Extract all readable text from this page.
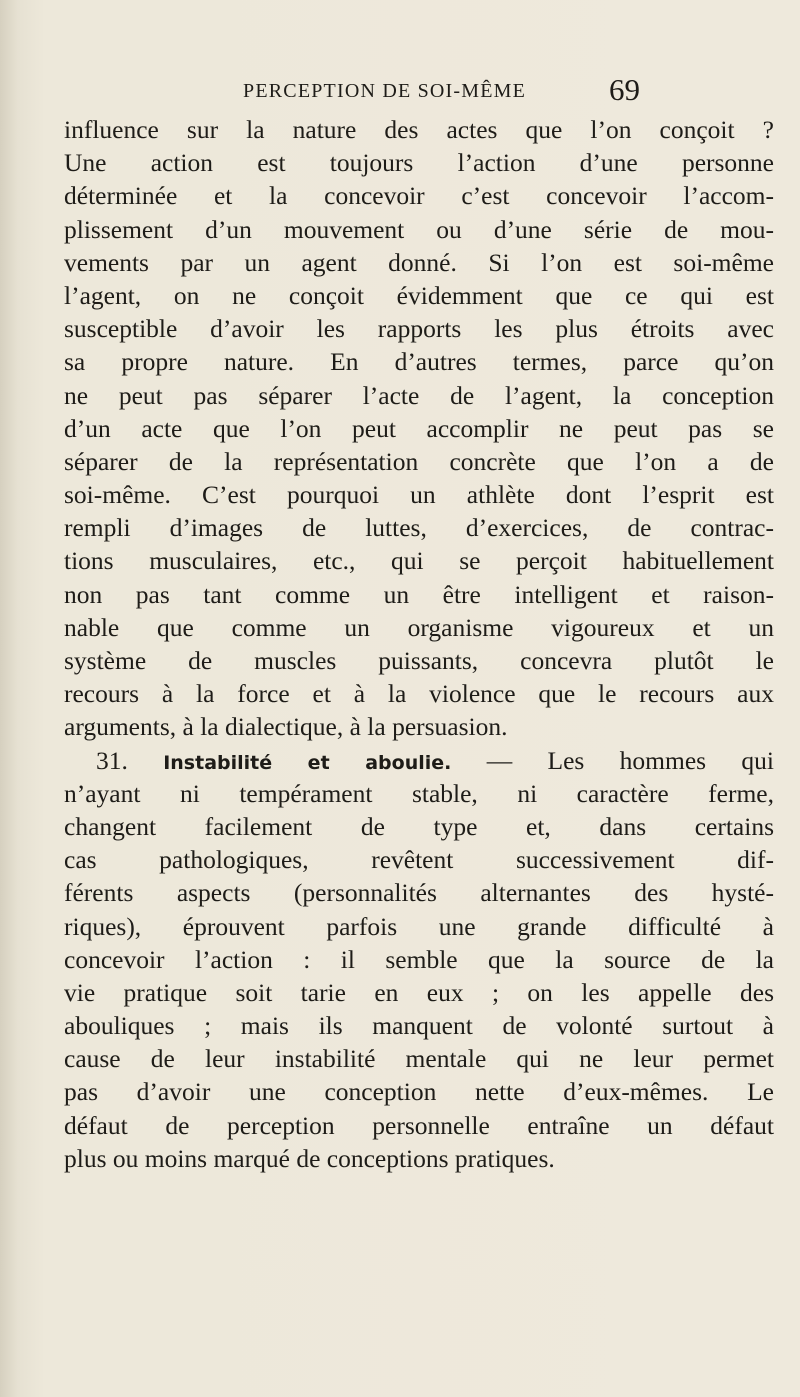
PERCEPTION DE SOI-MÊME	69
influence sur la nature des actes que l’on conçoit ?
Une action est toujours l’action d’une personne
déterminée et la concevoir c’est concevoir l’accom-
plissement d’un mouvement ou d’une série de mou-
vements par un agent donné. Si l’on est soi-même
l’agent, on ne conçoit évidemment que ce qui est
susceptible d’avoir les rapports les plus étroits avec
sa propre nature. En d’autres termes, parce qu’on
ne peut pas séparer l’acte de l’agent, la conception
d’un acte que l’on peut accomplir ne peut pas se
séparer de la représentation concrète que l’on a de
soi-même. C’est pourquoi un athlète dont l’esprit est
rempli d’images de luttes, d’exercices, de contrac-
tions musculaires, etc., qui se perçoit habituellement
non pas tant comme un être intelligent et raison-
nable que comme un organisme vigoureux et un
système de muscles puissants, concevra plutôt le
recours à la force et à la violence que le recours aux
arguments, à la dialectique, à la persuasion.
31. Instabilité et aboulie. — Les hommes qui
n’ayant ni tempérament stable, ni caractère ferme,
changent facilement de type et, dans certains
cas pathologiques, revêtent successivement dif-
férents aspects (personnalités alternantes des hysté-
riques), éprouvent parfois une grande difficulté à
concevoir l’action : il semble que la source de la
vie pratique soit tarie en eux ; on les appelle des
abouliques ; mais ils manquent de volonté surtout à
cause de leur instabilité mentale qui ne leur permet
pas d’avoir une conception nette d’eux-mêmes. Le
défaut de perception personnelle entraîne un défaut
plus ou moins marqué de conceptions pratiques.
